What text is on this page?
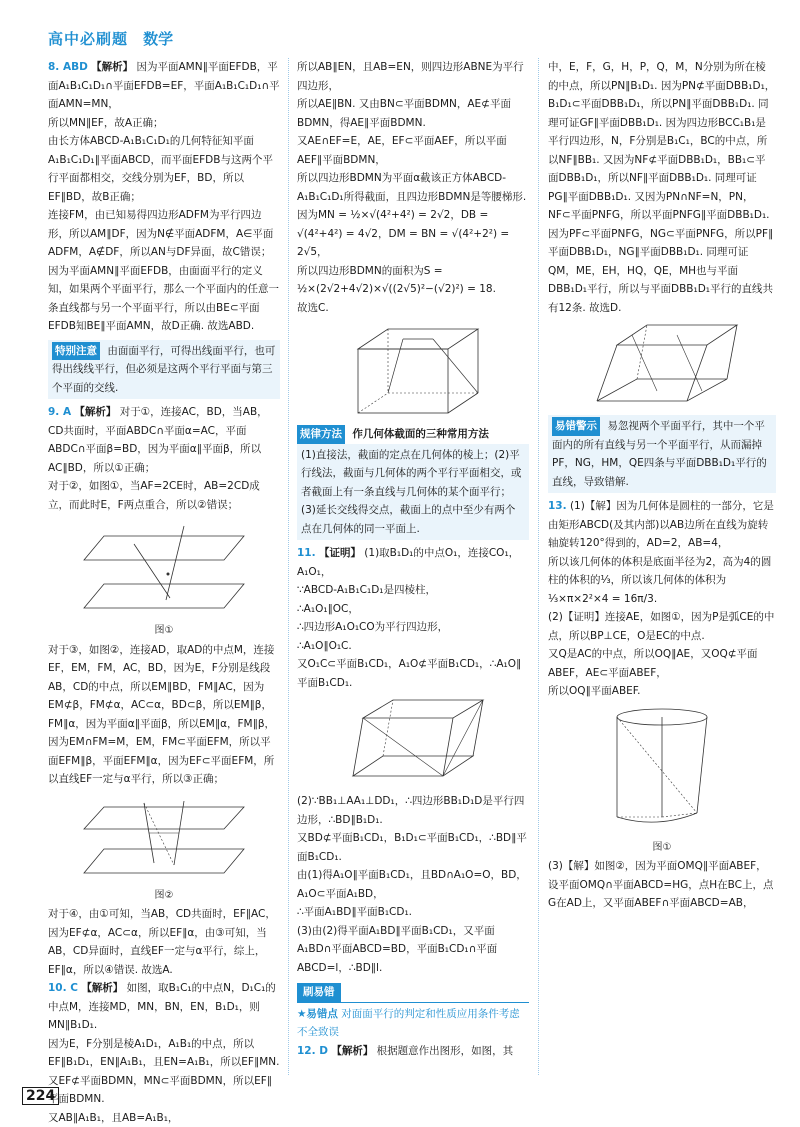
高中必刷题 数学

8. ABD 【解析】 因为平面AMN∥平面EFDB，平面A₁B₁C₁D₁∩平面EFDB=EF，平面A₁B₁C₁D₁∩平面AMN=MN，

所以MN∥EF，故A正确；

由长方体ABCD-A₁B₁C₁D₁的几何特征知平面A₁B₁C₁D₁∥平面ABCD，而平面EFDB与这两个平行平面都相交，交线分别为EF，BD，所以EF∥BD，故B正确；

连接FM，由已知易得四边形ADFM为平行四边形，所以AM∥DF，因为N∉平面ADFM，A∈平面ADFM，A∉DF，所以AN与DF异面，故C错误；

因为平面AMN∥平面EFDB，由面面平行的定义知，如果两个平面平行，那么一个平面内的任意一条直线都与另一个平面平行，所以由BE⊂平面EFDB知BE∥平面AMN，故D正确. 故选ABD.

特别注意 由面面平行，可得出线面平行，也可得出线线平行，但必须是这两个平行平面与第三个平面的交线.

9. A 【解析】 对于①，连接AC，BD，当AB，CD共面时，平面ABDC∩平面α=AC，平面ABDC∩平面β=BD，因为平面α∥平面β，所以AC∥BD，所以①正确；

对于②，如图①，当AF=2CE时，AB=2CD成立，而此时E，F两点重合，所以②错误；

图①

对于③，如图②，连接AD，取AD的中点M，连接EF，EM，FM，AC，BD，因为E，F分别是线段AB，CD的中点，所以EM∥BD，FM∥AC，因为EM⊄β，FM⊄α，AC⊂α，BD⊂β，所以EM∥β，FM∥α，因为平面α∥平面β，所以EM∥α，FM∥β，因为EM∩FM=M，EM，FM⊂平面EFM，所以平面EFM∥β，平面EFM∥α，因为EF⊂平面EFM，所以直线EF一定与α平行，所以③正确；

图②

对于④，由①可知，当AB，CD共面时，EF∥AC，因为EF⊄α，AC⊂α，所以EF∥α，由③可知，当AB，CD异面时，直线EF一定与α平行，综上，EF∥α，所以④错误. 故选A.

10. C 【解析】 如图，取B₁C₁的中点N，D₁C₁的中点M，连接MD，MN，BN，EN，B₁D₁，则MN∥B₁D₁.

因为E，F分别是棱A₁D₁，A₁B₁的中点，所以EF∥B₁D₁，EN∥A₁B₁，且EN=A₁B₁，所以EF∥MN. 又EF⊄平面BDMN，MN⊂平面BDMN，所以EF∥平面BDMN.

又AB∥A₁B₁，且AB=A₁B₁，

所以AB∥EN，且AB=EN，则四边形ABNE为平行四边形，

所以AE∥BN. 又由BN⊂平面BDMN，AE⊄平面BDMN，得AE∥平面BDMN.

又AE∩EF=E，AE，EF⊂平面AEF，所以平面AEF∥平面BDMN，

所以四边形BDMN为平面α截该正方体ABCD-A₁B₁C₁D₁所得截面，且四边形BDMN是等腰梯形.

因为MN = ½×√(4²+4²) = 2√2，DB = √(4²+4²) = 4√2，DM = BN = √(4²+2²) = 2√5，

所以四边形BDMN的面积为S = ½×(2√2+4√2)×√((2√5)²−(√2)²) = 18.

故选C.

规律方法 作几何体截面的三种常用方法
(1)直接法，截面的定点在几何体的棱上；(2)平行线法，截面与几何体的两个平行平面相交，或者截面上有一条直线与几何体的某个面平行；(3)延长交线得交点，截面上的点中至少有两个点在几何体的同一平面上.

11. 【证明】 (1)取B₁D₁的中点O₁，连接CO₁，A₁O₁，

∵ABCD-A₁B₁C₁D₁是四棱柱，

∴A₁O₁∥OC，

∴四边形A₁O₁CO为平行四边形，

∴A₁O∥O₁C.

又O₁C⊂平面B₁CD₁，A₁O⊄平面B₁CD₁，∴A₁O∥平面B₁CD₁.

(2)∵BB₁⊥AA₁⊥DD₁，∴四边形BB₁D₁D是平行四边形，∴BD∥B₁D₁.

又BD⊄平面B₁CD₁，B₁D₁⊂平面B₁CD₁，∴BD∥平面B₁CD₁.

由(1)得A₁O∥平面B₁CD₁，且BD∩A₁O=O，BD，A₁O⊂平面A₁BD，

∴平面A₁BD∥平面B₁CD₁.

(3)由(2)得平面A₁BD∥平面B₁CD₁，又平面A₁BD∩平面ABCD=BD，平面B₁CD₁∩平面ABCD=l，∴BD∥l.

刷易错

★易错点 对面面平行的判定和性质应用条件考虑不全致误

12. D 【解析】 根据题意作出图形，如图，其

中，E，F，G，H，P，Q，M，N分别为所在棱的中点，所以PN∥B₁D₁. 因为PN⊄平面DBB₁D₁，B₁D₁⊂平面DBB₁D₁，所以PN∥平面DBB₁D₁. 同理可证GF∥平面DBB₁D₁. 因为四边形BCC₁B₁是平行四边形，N，F分别是B₁C₁，BC的中点，所以NF∥BB₁. 又因为NF⊄平面DBB₁D₁，BB₁⊂平面DBB₁D₁，所以NF∥平面DBB₁D₁. 同理可证PG∥平面DBB₁D₁. 又因为PN∩NF=N，PN，NF⊂平面PNFG，所以平面PNFG∥平面DBB₁D₁.

因为PF⊂平面PNFG，NG⊂平面PNFG，所以PF∥平面DBB₁D₁，NG∥平面DBB₁D₁. 同理可证QM，ME，EH，HQ，QE，MH也与平面DBB₁D₁平行，所以与平面DBB₁D₁平行的直线共有12条. 故选D.

易错警示 易忽视两个平面平行，其中一个平面内的所有直线与另一个平面平行，从而漏掉PF，NG，HM，QE四条与平面DBB₁D₁平行的直线，导致错解.

13. (1)【解】因为几何体是圆柱的一部分，它是由矩形ABCD(及其内部)以AB边所在直线为旋转轴旋转120°得到的，AD=2，AB=4，

所以该几何体的体积是底面半径为2，高为4的圆柱的体积的⅓，所以该几何体的体积为⅓×π×2²×4 = 16π/3.

(2)【证明】连接AE，如图①，因为P是弧CE的中点，所以BP⊥CE，O是EC的中点.

又Q是AC的中点，所以OQ∥AE，又OQ⊄平面ABEF，AE⊂平面ABEF，

所以OQ∥平面ABEF.

图①

(3)【解】如图②，因为平面OMQ∥平面ABEF，

设平面OMQ∩平面ABCD=HG，点H在BC上，点G在AD上，又平面ABEF∩平面ABCD=AB，

224
